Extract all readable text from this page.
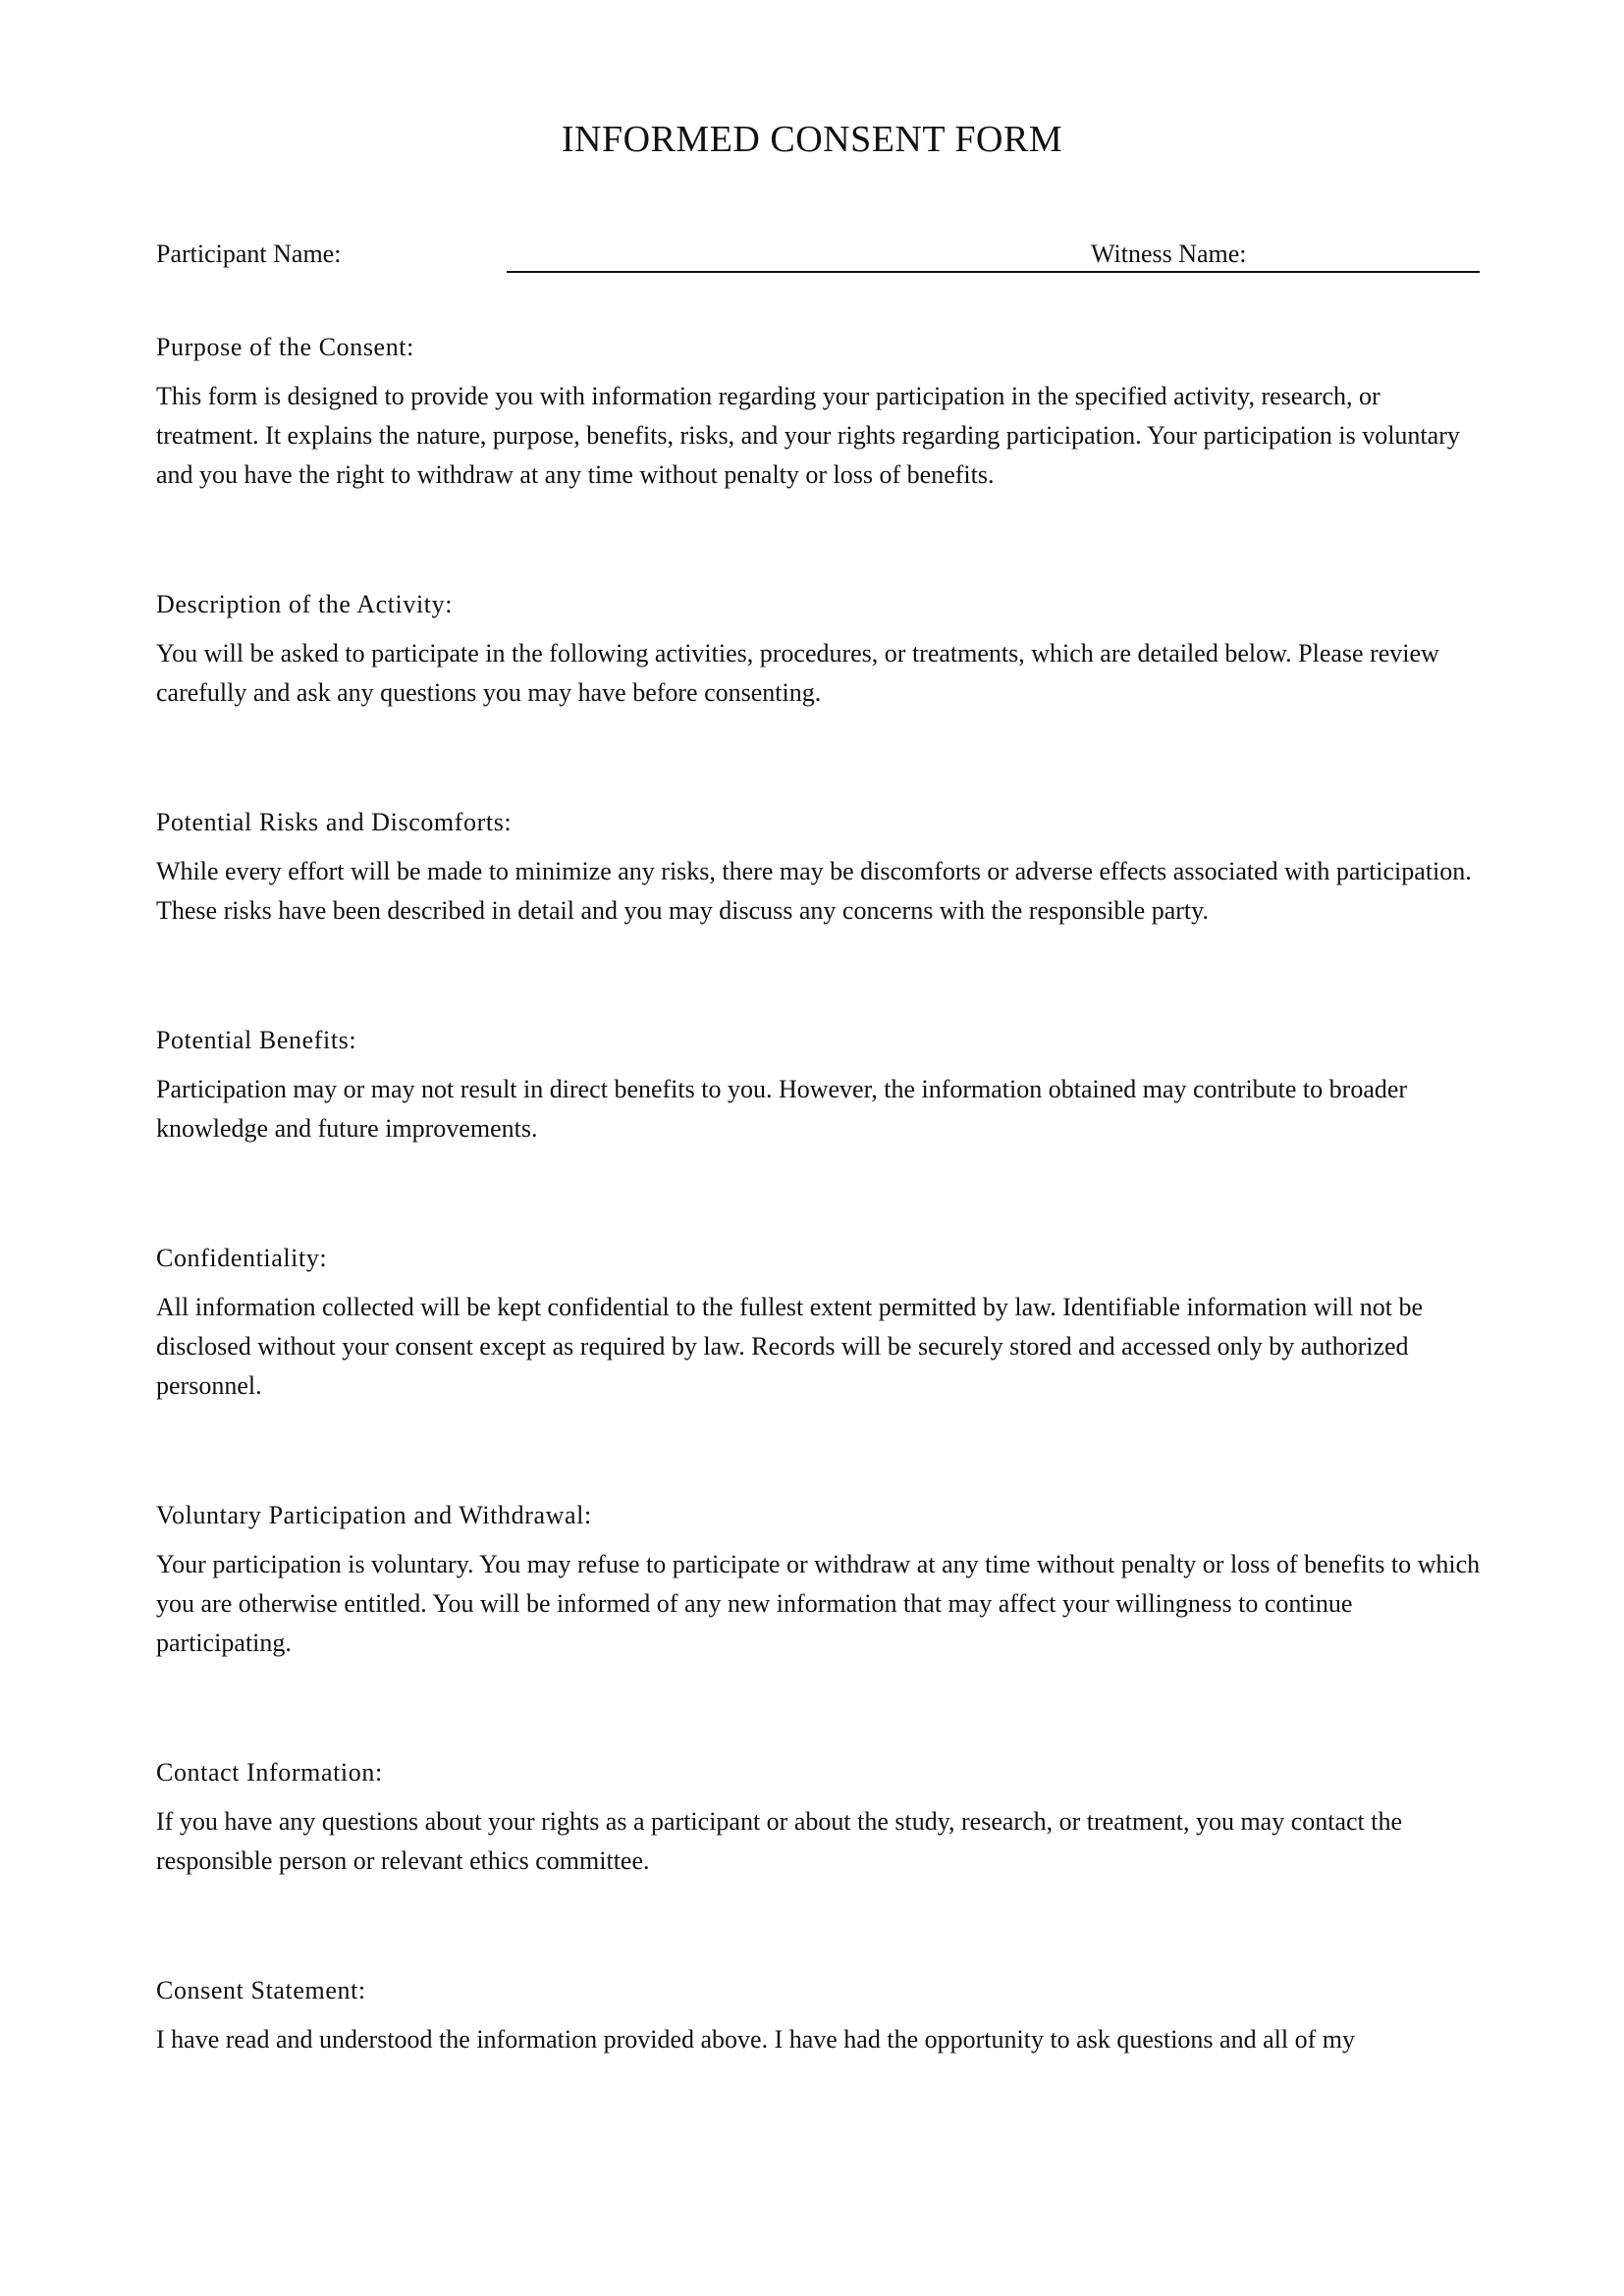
INFORMED CONSENT FORM
Participant Name:	Witness Name:
Purpose of the Consent:

This form is designed to provide you with information regarding your participation in the specified activity, research, or treatment. It explains the nature, purpose, benefits, risks, and your rights regarding participation. Your participation is voluntary and you have the right to withdraw at any time without penalty or loss of benefits.

Description of the Activity:

You will be asked to participate in the following activities, procedures, or treatments, which are detailed below. Please review carefully and ask any questions you may have before consenting.

Potential Risks and Discomforts:

While every effort will be made to minimize any risks, there may be discomforts or adverse effects associated with participation. These risks have been described in detail and you may discuss any concerns with the responsible party.

Potential Benefits:

Participation may or may not result in direct benefits to you. However, the information obtained may contribute to broader knowledge and future improvements.

Confidentiality:

All information collected will be kept confidential to the fullest extent permitted by law. Identifiable information will not be disclosed without your consent except as required by law. Records will be securely stored and accessed only by authorized personnel.

Voluntary Participation and Withdrawal:

Your participation is voluntary. You may refuse to participate or withdraw at any time without penalty or loss of benefits to which you are otherwise entitled. You will be informed of any new information that may affect your willingness to continue participating.

Contact Information:

If you have any questions about your rights as a participant or about the study, research, or treatment, you may contact the responsible person or relevant ethics committee.

Consent Statement:

I have read and understood the information provided above. I have had the opportunity to ask questions and all of my
